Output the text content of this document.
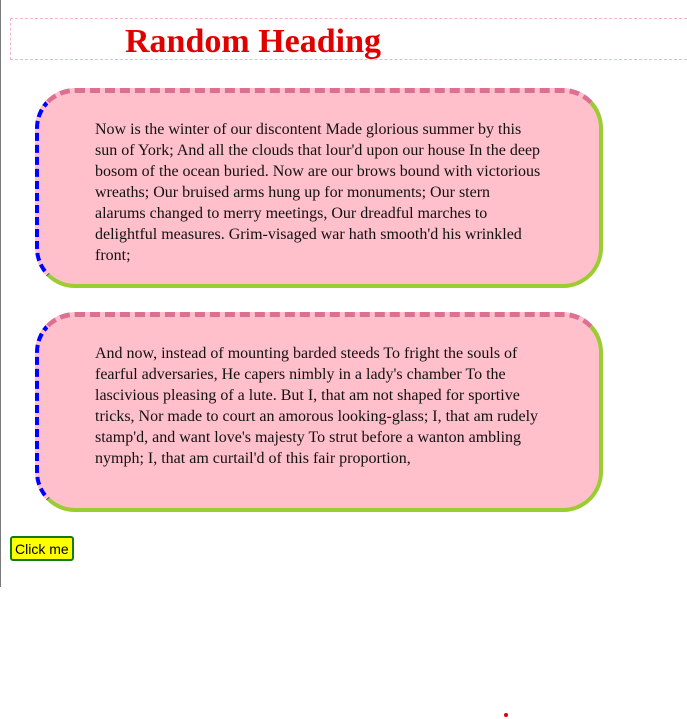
Random Heading

Now is the winter of our discontent Made glorious summer by this sun of York; And all the clouds that lour'd upon our house In the deep bosom of the ocean buried. Now are our brows bound with victorious wreaths; Our bruised arms hung up for monuments; Our stern alarums changed to merry meetings, Our dreadful marches to delightful measures. Grim-visaged war hath smooth'd his wrinkled front;

And now, instead of mounting barded steeds To fright the souls of fearful adversaries, He capers nimbly in a lady's chamber To the lascivious pleasing of a lute. But I, that am not shaped for sportive tricks, Nor made to court an amorous looking-glass; I, that am rudely stamp'd, and want love's majesty To strut before a wanton ambling nymph; I, that am curtail'd of this fair proportion,

Click me
